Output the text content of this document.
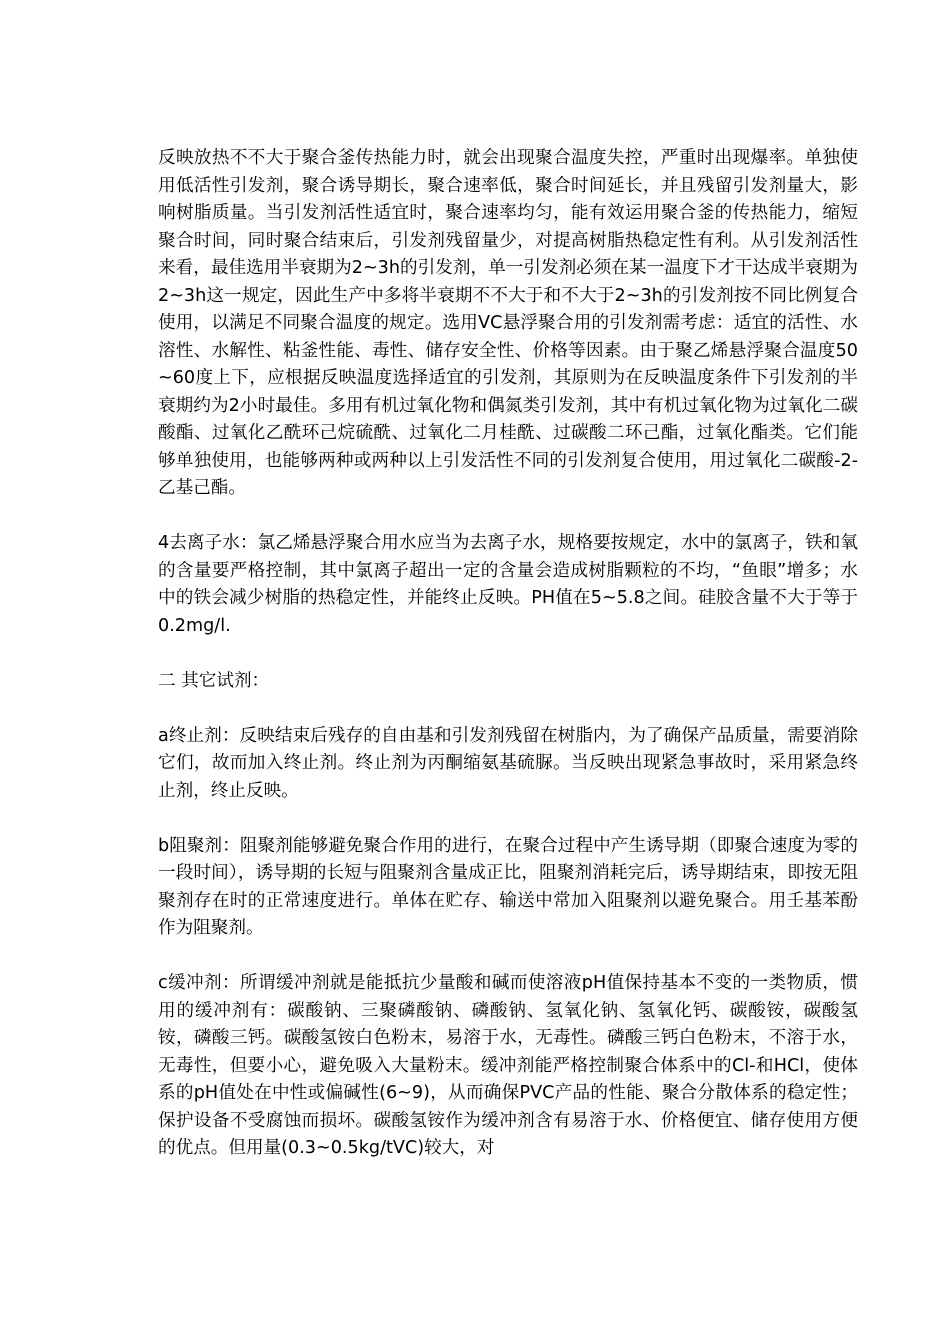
反映放热不不大于聚合釜传热能力时，就会出现聚合温度失控，严重时出现爆率。单独使用低活性引发剂，聚合诱导期长，聚合速率低，聚合时间延长，并且残留引发剂量大，影响树脂质量。当引发剂活性适宜时，聚合速率均匀，能有效运用聚合釜的传热能力，缩短聚合时间，同时聚合结束后，引发剂残留量少，对提高树脂热稳定性有利。从引发剂活性来看，最佳选用半衰期为2~3h的引发剂，单一引发剂必须在某一温度下才干达成半衰期为2~3h这一规定，因此生产中多将半衰期不不大于和不大于2~3h的引发剂按不同比例复合使用，以满足不同聚合温度的规定。选用VC悬浮聚合用的引发剂需考虑：适宜的活性、水溶性、水解性、粘釜性能、毒性、储存安全性、价格等因素。由于聚乙烯悬浮聚合温度50~60度上下，应根据反映温度选择适宜的引发剂，其原则为在反映温度条件下引发剂的半衰期约为2小时最佳。多用有机过氧化物和偶氮类引发剂，其中有机过氧化物为过氧化二碳酸酯、过氧化乙酰环己烷硫酰、过氧化二月桂酰、过碳酸二环己酯，过氧化酯类。它们能够单独使用，也能够两种或两种以上引发活性不同的引发剂复合使用，用过氧化二碳酸-2-乙基己酯。

4去离子水：氯乙烯悬浮聚合用水应当为去离子水，规格要按规定，水中的氯离子，铁和氧的含量要严格控制，其中氯离子超出一定的含量会造成树脂颗粒的不均，“鱼眼”增多；水中的铁会减少树脂的热稳定性，并能终止反映。PH值在5~5.8之间。硅胶含量不大于等于0.2mg/l.

二 其它试剂：

a终止剂：反映结束后残存的自由基和引发剂残留在树脂内，为了确保产品质量，需要消除它们，故而加入终止剂。终止剂为丙酮缩氨基硫脲。当反映出现紧急事故时，采用紧急终止剂，终止反映。

b阻聚剂：阻聚剂能够避免聚合作用的进行，在聚合过程中产生诱导期（即聚合速度为零的一段时间），诱导期的长短与阻聚剂含量成正比，阻聚剂消耗完后，诱导期结束，即按无阻聚剂存在时的正常速度进行。单体在贮存、输送中常加入阻聚剂以避免聚合。用壬基苯酚作为阻聚剂。

c缓冲剂：所谓缓冲剂就是能抵抗少量酸和碱而使溶液pH值保持基本不变的一类物质，惯用的缓冲剂有：碳酸钠、三聚磷酸钠、磷酸钠、氢氧化钠、氢氧化钙、碳酸铵，碳酸氢铵，磷酸三钙。碳酸氢铵白色粉末，易溶于水，无毒性。磷酸三钙白色粉末，不溶于水，无毒性，但要小心，避免吸入大量粉末。缓冲剂能严格控制聚合体系中的Cl-和HCl，使体系的pH值处在中性或偏碱性(6~9)，从而确保PVC产品的性能、聚合分散体系的稳定性；保护设备不受腐蚀而损坏。碳酸氢铵作为缓冲剂含有易溶于水、价格便宜、储存使用方便的优点。但用量(0.3~0.5kg/tVC)较大，对
